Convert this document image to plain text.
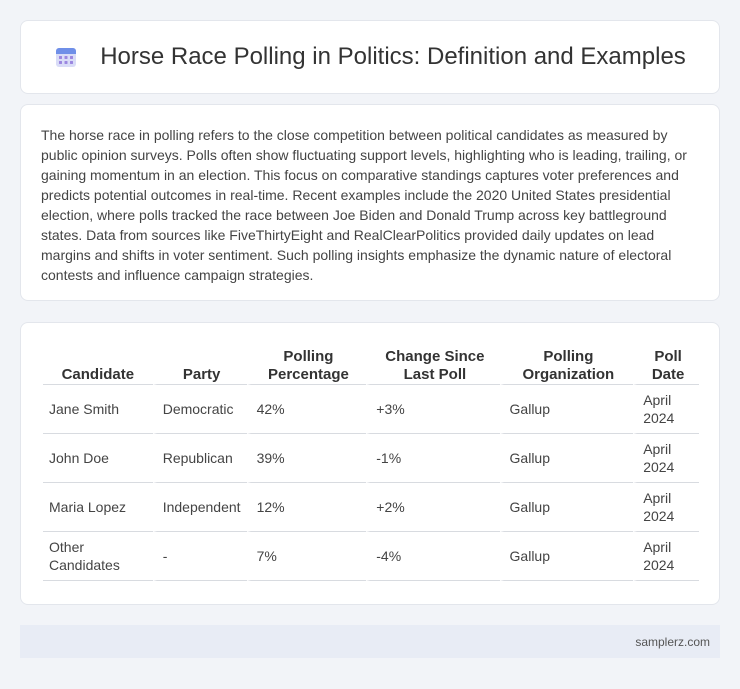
Horse Race Polling in Politics: Definition and Examples

The horse race in polling refers to the close competition between political candidates as measured by public opinion surveys. Polls often show fluctuating support levels, highlighting who is leading, trailing, or gaining momentum in an election. This focus on comparative standings captures voter preferences and predicts potential outcomes in real-time. Recent examples include the 2020 United States presidential election, where polls tracked the race between Joe Biden and Donald Trump across key battleground states. Data from sources like FiveThirtyEight and RealClearPolitics provided daily updates on lead margins and shifts in voter sentiment. Such polling insights emphasize the dynamic nature of electoral contests and influence campaign strategies.

Candidate	Party	Polling Percentage	Change Since Last Poll	Polling Organization	Poll Date
Jane Smith	Democratic	42%	+3%	Gallup	April 2024
John Doe	Republican	39%	-1%	Gallup	April 2024
Maria Lopez	Independent	12%	+2%	Gallup	April 2024
Other Candidates	-	7%	-4%	Gallup	April 2024
samplerz.com
